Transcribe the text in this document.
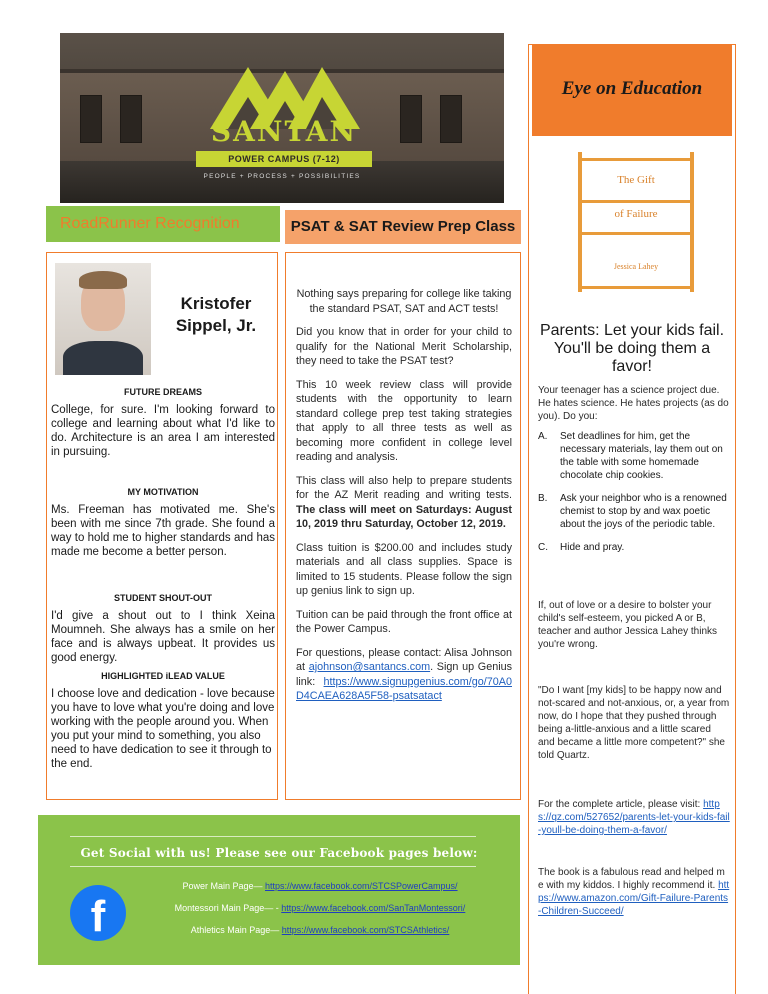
SANTAN
POWER CAMPUS (7-12)
PEOPLE + PROCESS + POSSIBILITIES
RoadRunner Recognition	PSAT & SAT Review Prep Class
Kristofer
Sippel, Jr.
FUTURE DREAMS
College, for sure. I'm looking forward to college and learning about what I'd like to do. Architecture is an area I am interested in pursuing.
MY MOTIVATION
Ms. Freeman has motivated me. She's been with me since 7th grade. She found a way to hold me to higher standards and has made me become a better person.
STUDENT SHOUT-OUT
I'd give a shout out to I think Xeina Moumneh. She always has a smile on her face and is always upbeat. It provides us good energy.
HIGHLIGHTED iLEAD VALUE
I choose love and dedication - love because you have to love what you're doing and love working with the people around you. When you put your mind to something, you also need to have dedication to see it through to the end.
Nothing says preparing for college like taking the standard PSAT, SAT and ACT tests!
Did you know that in order for your child to qualify for the National Merit Scholarship, they need to take the PSAT test?
This 10 week review class will provide students with the opportunity to learn standard college prep test taking strategies that apply to all three tests as well as becoming more confident in college level reading and analysis.
This class will also help to prepare students for the AZ Merit reading and writing tests. The class will meet on Saturdays: August 10, 2019 thru Saturday, October 12, 2019.
Class tuition is $200.00 and includes study materials and all class supplies. Space is limited to 15 students. Please follow the sign up genius link to sign up.
Tuition can be paid through the front office at the Power Campus.
For questions, please contact: Alisa Johnson at ajohnson@santancs.com. Sign up Genius link: https://www.signupgenius.com/go/70A0D4CAEA628A5F58-psatsatact
Eye on Education
The Gift
of Failure
Jessica Lahey
Parents: Let your kids fail. You'll be doing them a favor!
Your teenager has a science project due. He hates science. He hates projects (as do you). Do you:
A.	Set deadlines for him, get the necessary materials, lay them out on the table with some homemade chocolate chip cookies.
B.	Ask your neighbor who is a renowned chemist to stop by and wax poetic about the joys of the periodic table.
C.	Hide and pray.
If, out of love or a desire to bolster your child's self-esteem, you picked A or B, teacher and author Jessica Lahey thinks you're wrong.
"Do I want [my kids] to be happy now and not-scared and not-anxious, or, a year from now, do I hope that they pushed through being a-little-anxious and a little scared and became a little more competent?" she told Quartz.
For the complete article, please visit: https://qz.com/527652/parents-let-your-kids-fail-youll-be-doing-them-a-favor/
The book is a fabulous read and helped me with my kiddos. I highly recommend it. https://www.amazon.com/Gift-Failure-Parents-Children-Succeed/
Get Social with us! Please see our Facebook pages below:
f
Power Main Page— https://www.facebook.com/STCSPowerCampus/
Montessori Main Page— - https://www.facebook.com/SanTanMontessori/
Athletics Main Page— https://www.facebook.com/STCSAthletics/
